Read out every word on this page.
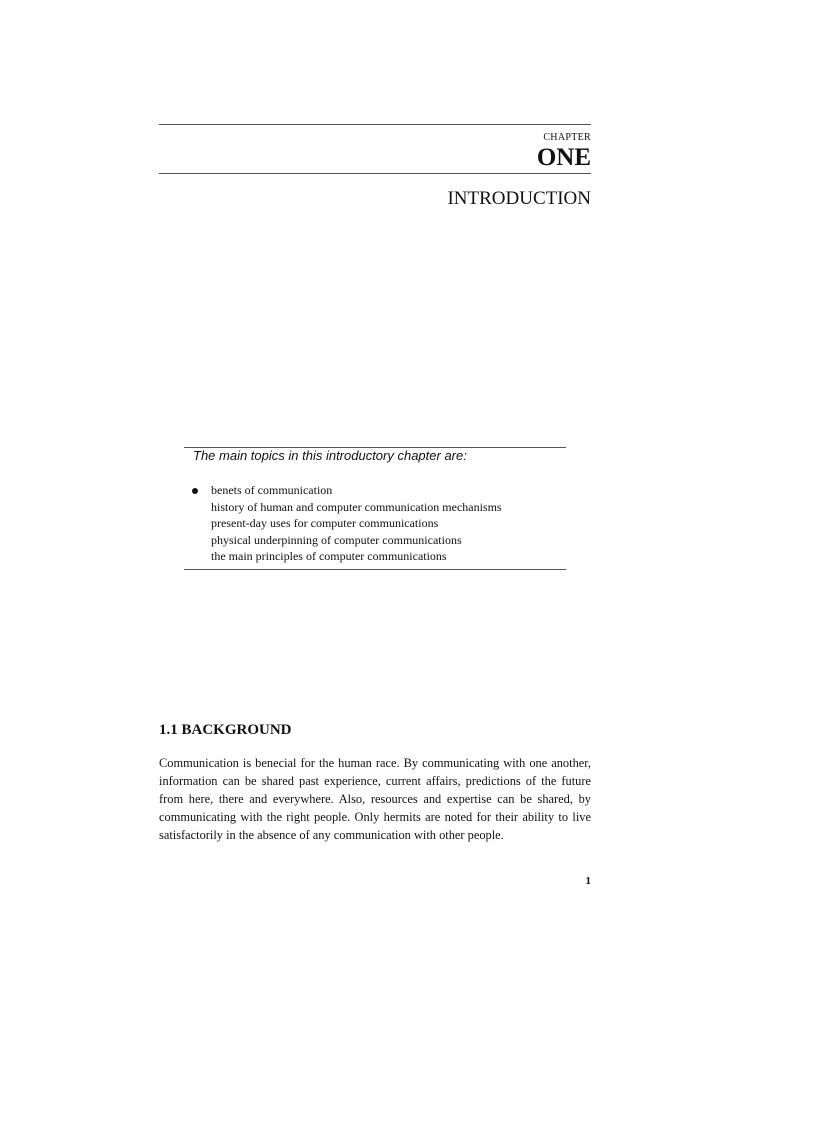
CHAPTER
ONE
INTRODUCTION
The main topics in this introductory chapter are:
benets of communication
history of human and computer communication mechanisms
present-day uses for computer communications
physical underpinning of computer communications
the main principles of computer communications
1.1 BACKGROUND

Communication is benecial for the human race. By communicating with one another, information can be shared past experience, current affairs, predictions of the future from here, there and everywhere. Also, resources and expertise can be shared, by communicating with the right people. Only hermits are noted for their ability to live satisfactorily in the absence of any communication with other people.

1
